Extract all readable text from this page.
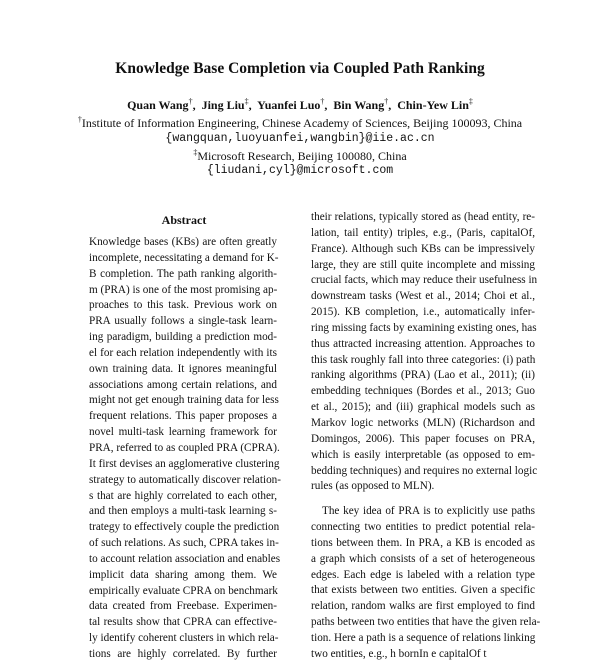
Knowledge Base Completion via Coupled Path Ranking
Quan Wang†,  Jing Liu‡,  Yuanfei Luo†,  Bin Wang†,  Chin-Yew Lin‡
†Institute of Information Engineering, Chinese Academy of Sciences, Beijing 100093, China
{wangquan,luoyuanfei,wangbin}@iie.ac.cn
‡Microsoft Research, Beijing 100080, China
{liudani,cyl}@microsoft.com
Abstract
Knowledge bases (KBs) are often greatly
incomplete, necessitating a demand for K-
B completion. The path ranking algorith-
m (PRA) is one of the most promising ap-
proaches to this task. Previous work on
PRA usually follows a single-task learn-
ing paradigm, building a prediction mod-
el for each relation independently with its
own training data. It ignores meaningful
associations among certain relations, and
might not get enough training data for less
frequent relations. This paper proposes a
novel multi-task learning framework for
PRA, referred to as coupled PRA (CPRA).
It first devises an agglomerative clustering
strategy to automatically discover relation-
s that are highly correlated to each other,
and then employs a multi-task learning s-
trategy to effectively couple the prediction
of such relations. As such, CPRA takes in-
to account relation association and enables
implicit data sharing among them. We
empirically evaluate CPRA on benchmark
data created from Freebase. Experimen-
tal results show that CPRA can effective-
ly identify coherent clusters in which rela-
tions are highly correlated. By further
their relations, typically stored as (head entity, re-
lation, tail entity) triples, e.g., (Paris, capitalOf,
France). Although such KBs can be impressively
large, they are still quite incomplete and missing
crucial facts, which may reduce their usefulness in
downstream tasks (West et al., 2014; Choi et al.,
2015). KB completion, i.e., automatically infer-
ring missing facts by examining existing ones, has
thus attracted increasing attention. Approaches to
this task roughly fall into three categories: (i) path
ranking algorithms (PRA) (Lao et al., 2011); (ii)
embedding techniques (Bordes et al., 2013; Guo
et al., 2015); and (iii) graphical models such as
Markov logic networks (MLN) (Richardson and
Domingos, 2006). This paper focuses on PRA,
which is easily interpretable (as opposed to em-
bedding techniques) and requires no external logic
rules (as opposed to MLN).
The key idea of PRA is to explicitly use paths
connecting two entities to predict potential rela-
tions between them. In PRA, a KB is encoded as
a graph which consists of a set of heterogeneous
edges. Each edge is labeled with a relation type
that exists between two entities. Given a specific
relation, random walks are first employed to find
paths between two entities that have the given rela-
tion. Here a path is a sequence of relations linking
two entities, e.g., h bornIn e capitalOf t
